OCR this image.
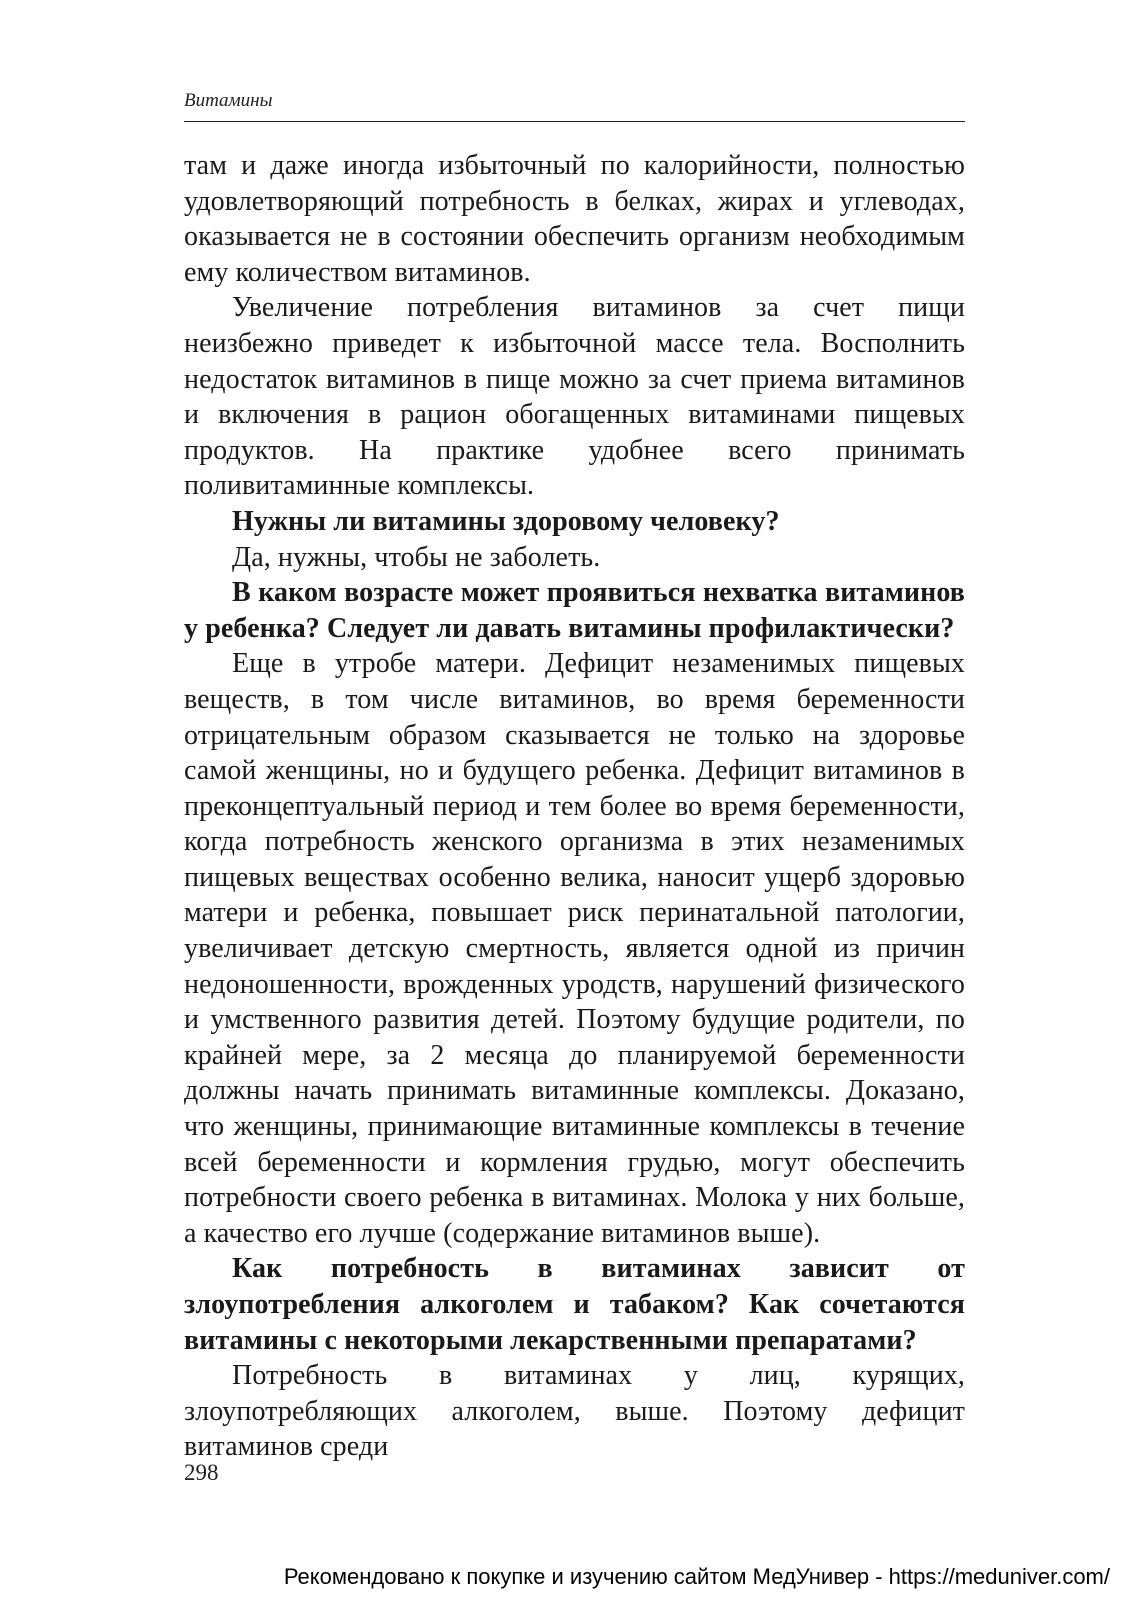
Витамины

там и даже иногда избыточный по калорийности, полностью удовлетворяющий потребность в белках, жирах и углеводах, оказывается не в состоянии обеспечить организм необходимым ему количеством витаминов.

Увеличение потребления витаминов за счет пищи неизбежно приведет к избыточной массе тела. Восполнить недостаток витаминов в пище можно за счет приема витаминов и включения в рацион обогащенных витаминами пищевых продуктов. На практике удобнее всего принимать поливитаминные комплексы.

Нужны ли витамины здоровому человеку?

Да, нужны, чтобы не заболеть.

В каком возрасте может проявиться нехватка витаминов у ребенка? Следует ли давать витамины профилактически?

Еще в утробе матери. Дефицит незаменимых пищевых веществ, в том числе витаминов, во время беременности отрицательным образом сказывается не только на здоровье самой женщины, но и будущего ребенка. Дефицит витаминов в преконцептуальный период и тем более во время беременности, когда потребность женского организма в этих незаменимых пищевых веществах особенно велика, наносит ущерб здоровью матери и ребенка, повышает риск перинатальной патологии, увеличивает детскую смертность, является одной из причин недоношенности, врожденных уродств, нарушений физического и умственного развития детей. Поэтому будущие родители, по крайней мере, за 2 месяца до планируемой беременности должны начать принимать витаминные комплексы. Доказано, что женщины, принимающие витаминные комплексы в течение всей беременности и кормления грудью, могут обеспечить потребности своего ребенка в витаминах. Молока у них больше, а качество его лучше (содержание витаминов выше).

Как потребность в витаминах зависит от злоупотребления алкоголем и табаком? Как сочетаются витамины с некоторыми лекарственными препаратами?

Потребность в витаминах у лиц, курящих, злоупотребляющих алкоголем, выше. Поэтому дефицит витаминов среди

298
Рекомендовано к покупке и изучению сайтом МедУнивер - https://meduniver.com/
